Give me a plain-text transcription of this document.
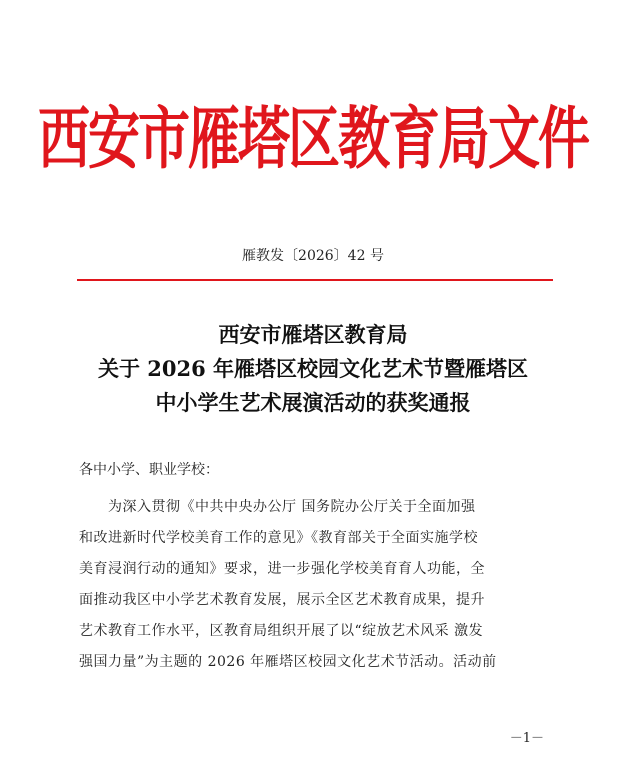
西安市雁塔区教育局文件
雁教发〔2026〕42 号
西安市雁塔区教育局
关于 2026 年雁塔区校园文化艺术节暨雁塔区
中小学生艺术展演活动的获奖通报
各中小学、职业学校：
　　为深入贯彻《中共中央办公厅 国务院办公厅关于全面加强
和改进新时代学校美育工作的意见》《教育部关于全面实施学校
美育浸润行动的通知》要求，进一步强化学校美育育人功能，全
面推动我区中小学艺术教育发展，展示全区艺术教育成果，提升
艺术教育工作水平，区教育局组织开展了以“绽放艺术风采 激发
强国力量”为主题的 2026 年雁塔区校园文化艺术节活动。活动前
－1－
